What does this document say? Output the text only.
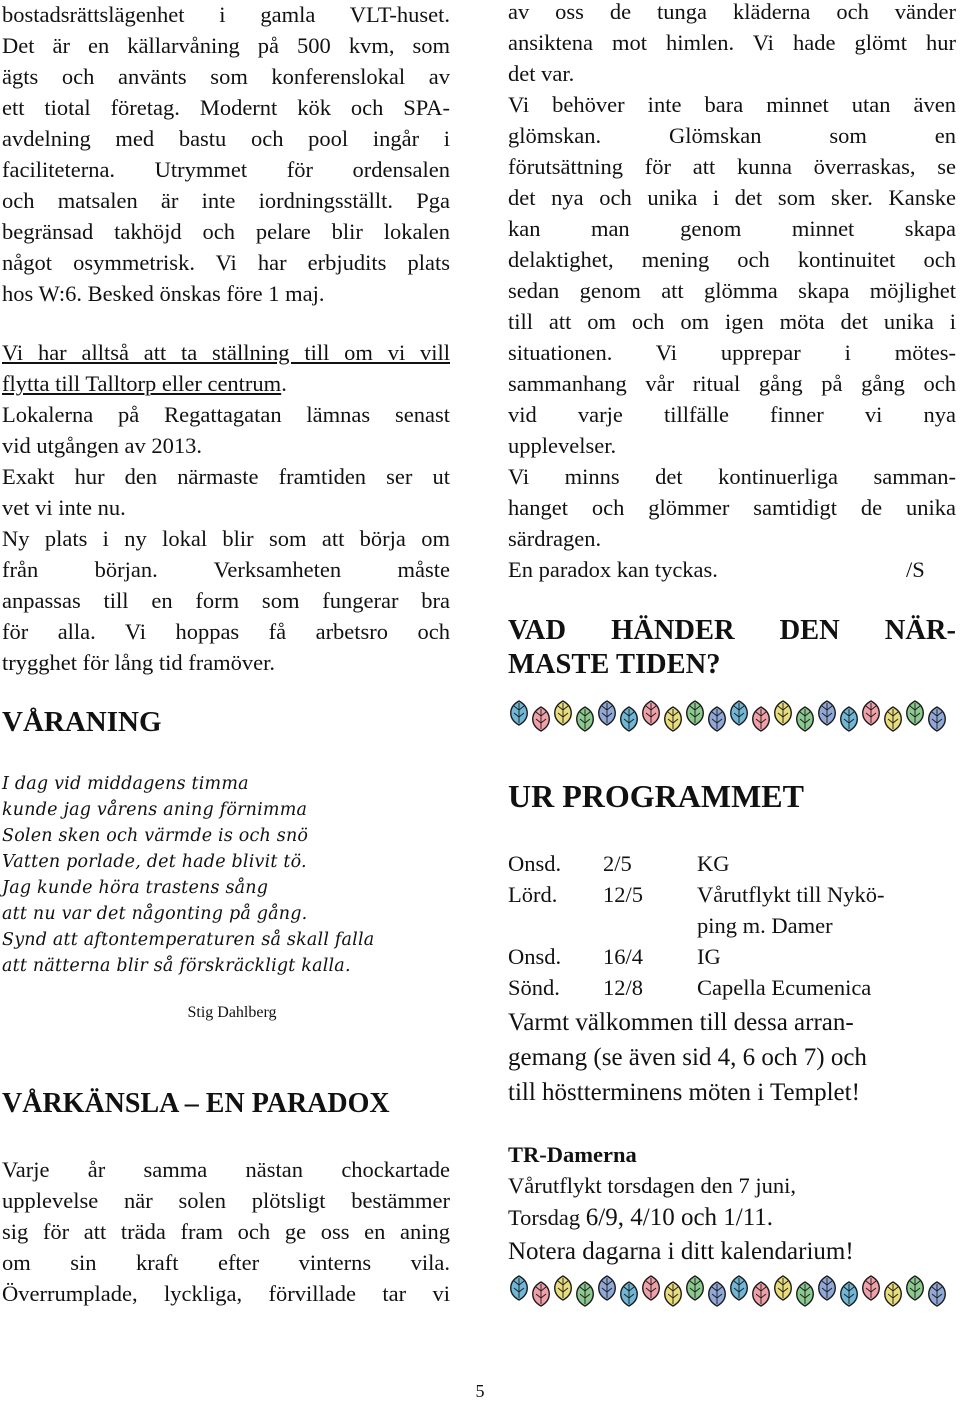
bostadsrättslägenhet i gamla VLT-huset.
Det är en källarvåning på 500 kvm, som
ägts och använts som konferenslokal av
ett tiotal företag. Modernt kök och SPA-
avdelning med bastu och pool ingår i
faciliteterna. Utrymmet för ordensalen
och matsalen är inte iordningsställt. Pga
begränsad takhöjd och pelare blir lokalen
något osymmetrisk. Vi har erbjudits plats
hos W:6. Besked önskas före 1 maj.
Vi har alltså att ta ställning till om vi vill
flytta till Talltorp eller centrum.
Lokalerna på Regattagatan lämnas senast
vid utgången av 2013.
Exakt hur den närmaste framtiden ser ut
vet vi inte nu.
Ny plats i ny lokal blir som att börja om
från början. Verksamheten måste
anpassas till en form som fungerar bra
för alla. Vi hoppas få arbetsro och
trygghet för lång tid framöver.
VÅRANING
I dag vid middagens timma
kunde jag vårens aning förnimma
Solen sken och värmde is och snö
Vatten porlade, det hade blivit tö.
Jag kunde höra trastens sång
att nu var det någonting på gång.
Synd att aftontemperaturen så skall falla
att nätterna blir så förskräckligt kalla.
Stig Dahlberg
VÅRKÄNSLA – EN PARADOX
Varje år samma nästan chockartade
upplevelse när solen plötsligt bestämmer
sig för att träda fram och ge oss en aning
om sin kraft efter vinterns vila.
Överrumplade, lyckliga, förvillade tar vi
av oss de tunga kläderna och vänder
ansiktena mot himlen. Vi hade glömt hur
det var.
Vi behöver inte bara minnet utan även
glömskan. Glömskan som en
förutsättning för att kunna överraskas, se
det nya och unika i det som sker. Kanske
kan man genom minnet skapa
delaktighet, mening och kontinuitet och
sedan genom att glömma skapa möjlighet
till att om och om igen möta det unika i
situationen. Vi upprepar i mötes-
sammanhang vår ritual gång på gång och
vid varje tillfälle finner vi nya
upplevelser.
Vi minns det kontinuerliga samman-
hanget och glömmer samtidigt de unika
särdragen.
En paradox kan tyckas.	/S
VAD HÄNDER DEN NÄR-
MASTE TIDEN?
UR PROGRAMMET
Onsd.	2/5	KG
Lörd.	12/5	Vårutflykt till Nykö-
ping m. Damer
Onsd.	16/4	IG
Sönd.	12/8	Capella Ecumenica
Varmt välkommen till dessa arran-
gemang (se även sid 4, 6 och 7) och
till höstterminens möten i Templet!
TR-Damerna
Vårutflykt torsdagen den 7 juni,
Torsdag 6/9, 4/10 och 1/11.
Notera dagarna i ditt kalendarium!
5
